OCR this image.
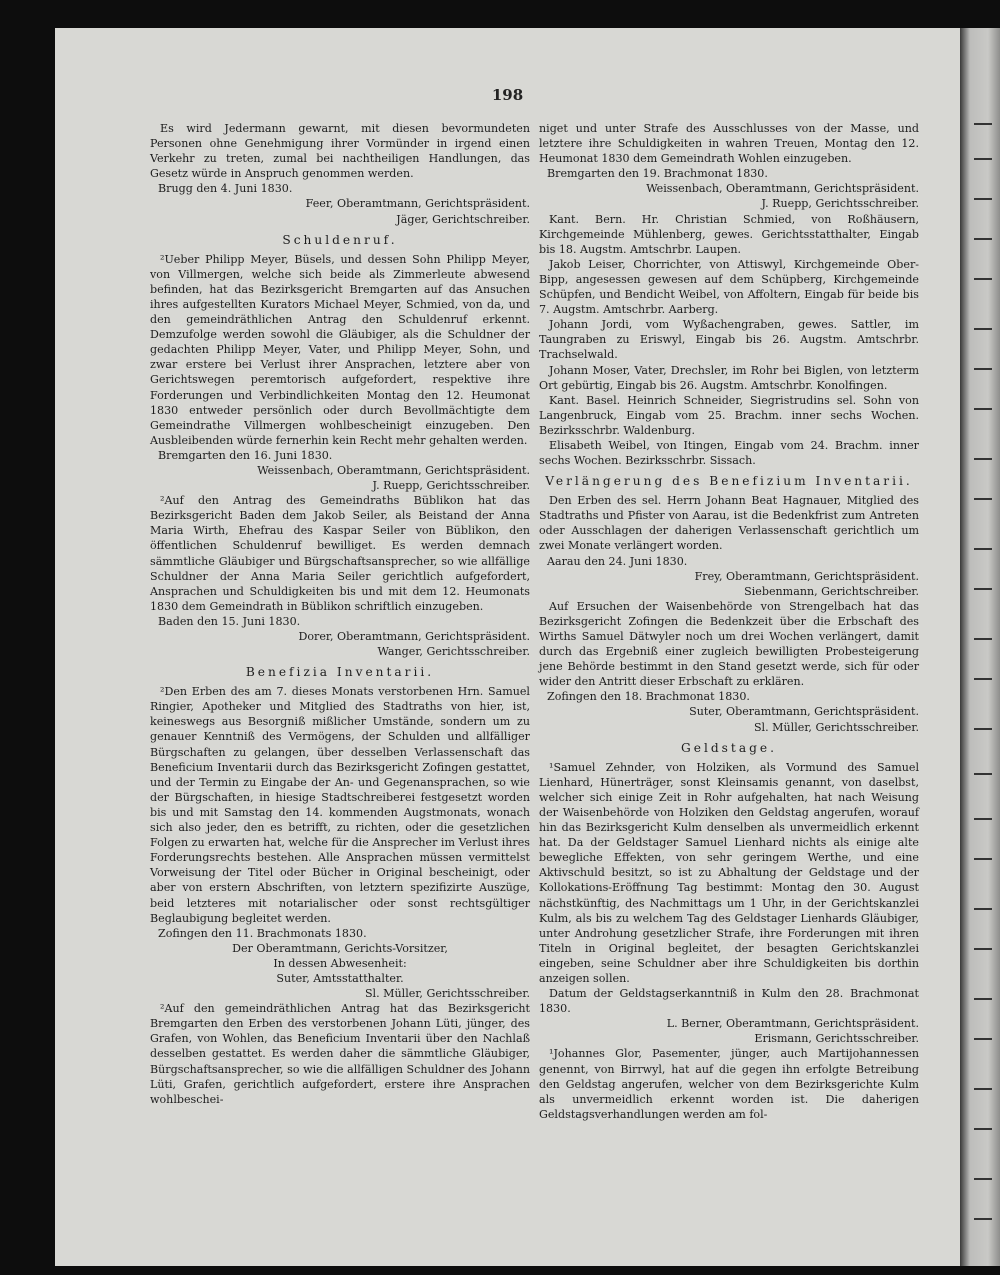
198

Es wird Jedermann gewarnt, mit diesen bevormundeten Personen ohne Genehmigung ihrer Vormünder in irgend einen Verkehr zu treten, zumal bei nachtheiligen Handlungen, das Gesetz würde in Anspruch genommen werden.

Brugg den 4. Juni 1830.

Feer, Oberamtmann, Gerichtspräsident.

Jäger, Gerichtschreiber.

Schuldenruf.

²Ueber Philipp Meyer, Büsels, und dessen Sohn Philipp Meyer, von Villmergen, welche sich beide als Zimmerleute abwesend befinden, hat das Bezirksgericht Bremgarten auf das Ansuchen ihres aufgestellten Kurators Michael Meyer, Schmied, von da, und den gemeindräthlichen Antrag den Schuldenruf erkennt. Demzufolge werden sowohl die Gläubiger, als die Schuldner der gedachten Philipp Meyer, Vater, und Philipp Meyer, Sohn, und zwar erstere bei Verlust ihrer Ansprachen, letztere aber von Gerichtswegen peremtorisch aufgefordert, respektive ihre Forderungen und Verbindlichkeiten Montag den 12. Heumonat 1830 entweder persönlich oder durch Bevollmächtigte dem Gemeindrathe Villmergen wohlbescheinigt einzugeben. Den Ausbleibenden würde fernerhin kein Recht mehr gehalten werden.

Bremgarten den 16. Juni 1830.

Weissenbach, Oberamtmann, Gerichtspräsident.

J. Ruepp, Gerichtsschreiber.

²Auf den Antrag des Gemeindraths Büblikon hat das Bezirksgericht Baden dem Jakob Seiler, als Beistand der Anna Maria Wirth, Ehefrau des Kaspar Seiler von Büblikon, den öffentlichen Schuldenruf bewilliget. Es werden demnach sämmtliche Gläubiger und Bürgschaftsansprecher, so wie allfällige Schuldner der Anna Maria Seiler gerichtlich aufgefordert, Ansprachen und Schuldigkeiten bis und mit dem 12. Heumonats 1830 dem Gemeindrath in Büblikon schriftlich einzugeben.

Baden den 15. Juni 1830.

Dorer, Oberamtmann, Gerichtspräsident.

Wanger, Gerichtsschreiber.

Benefizia Inventarii.

²Den Erben des am 7. dieses Monats verstorbenen Hrn. Samuel Ringier, Apotheker und Mitglied des Stadtraths von hier, ist, keineswegs aus Besorgniß mißlicher Umstände, sondern um zu genauer Kenntniß des Vermögens, der Schulden und allfälliger Bürgschaften zu gelangen, über desselben Verlassenschaft das Beneficium Inventarii durch das Bezirksgericht Zofingen gestattet, und der Termin zu Eingabe der An- und Gegenansprachen, so wie der Bürgschaften, in hiesige Stadtschreiberei festgesetzt worden bis und mit Samstag den 14. kommenden Augstmonats, wonach sich also jeder, den es betrifft, zu richten, oder die gesetzlichen Folgen zu erwarten hat, welche für die Ansprecher im Verlust ihres Forderungsrechts bestehen. Alle Ansprachen müssen vermittelst Vorweisung der Titel oder Bücher in Original bescheinigt, oder aber von erstern Abschriften, von letztern spezifizirte Auszüge, beid letzteres mit notarialischer oder sonst rechtsgültiger Beglaubigung begleitet werden.

Zofingen den 11. Brachmonats 1830.

Der Oberamtmann, Gerichts-Vorsitzer,

In dessen Abwesenheit:

Suter, Amtsstatthalter.

Sl. Müller, Gerichtsschreiber.

²Auf den gemeindräthlichen Antrag hat das Bezirksgericht Bremgarten den Erben des verstorbenen Johann Lüti, jünger, des Grafen, von Wohlen, das Beneficium Inventarii über den Nachlaß desselben gestattet. Es werden daher die sämmtliche Gläubiger, Bürgschaftsansprecher, so wie die allfälligen Schuldner des Johann Lüti, Grafen, gerichtlich aufgefordert, erstere ihre Ansprachen wohlbeschei-

niget und unter Strafe des Ausschlusses von der Masse, und letztere ihre Schuldigkeiten in wahren Treuen, Montag den 12. Heumonat 1830 dem Gemeindrath Wohlen einzugeben.

Bremgarten den 19. Brachmonat 1830.

Weissenbach, Oberamtmann, Gerichtspräsident.

J. Ruepp, Gerichtsschreiber.

Kant. Bern. Hr. Christian Schmied, von Roßhäusern, Kirchgemeinde Mühlenberg, gewes. Gerichtsstatthalter, Eingab bis 18. Augstm. Amtschrbr. Laupen.

Jakob Leiser, Chorrichter, von Attiswyl, Kirchgemeinde Ober-Bipp, angesessen gewesen auf dem Schüpberg, Kirchgemeinde Schüpfen, und Bendicht Weibel, von Affoltern, Eingab für beide bis 7. Augstm. Amtschrbr. Aarberg.

Johann Jordi, vom Wyßachengraben, gewes. Sattler, im Taungraben zu Eriswyl, Eingab bis 26. Augstm. Amtschrbr. Trachselwald.

Johann Moser, Vater, Drechsler, im Rohr bei Biglen, von letzterm Ort gebürtig, Eingab bis 26. Augstm. Amtschrbr. Konolfingen.

Kant. Basel. Heinrich Schneider, Siegristrudins sel. Sohn von Langenbruck, Eingab vom 25. Brachm. inner sechs Wochen. Bezirksschrbr. Waldenburg.

Elisabeth Weibel, von Itingen, Eingab vom 24. Brachm. inner sechs Wochen. Bezirksschrbr. Sissach.

Verlängerung des Benefizium Inventarii.

Den Erben des sel. Herrn Johann Beat Hagnauer, Mitglied des Stadtraths und Pfister von Aarau, ist die Bedenkfrist zum Antreten oder Ausschlagen der daherigen Verlassenschaft gerichtlich um zwei Monate verlängert worden.

Aarau den 24. Juni 1830.

Frey, Oberamtmann, Gerichtspräsident.

Siebenmann, Gerichtschreiber.

Auf Ersuchen der Waisenbehörde von Strengelbach hat das Bezirksgericht Zofingen die Bedenkzeit über die Erbschaft des Wirths Samuel Dätwyler noch um drei Wochen verlängert, damit durch das Ergebniß einer zugleich bewilligten Probesteigerung jene Behörde bestimmt in den Stand gesetzt werde, sich für oder wider den Antritt dieser Erbschaft zu erklären.

Zofingen den 18. Brachmonat 1830.

Suter, Oberamtmann, Gerichtspräsident.

Sl. Müller, Gerichtsschreiber.

Geldstage.

¹Samuel Zehnder, von Holziken, als Vormund des Samuel Lienhard, Hünerträger, sonst Kleinsamis genannt, von daselbst, welcher sich einige Zeit in Rohr aufgehalten, hat nach Weisung der Waisenbehörde von Holziken den Geldstag angerufen, worauf hin das Bezirksgericht Kulm denselben als unvermeidlich erkennt hat. Da der Geldstager Samuel Lienhard nichts als einige alte bewegliche Effekten, von sehr geringem Werthe, und eine Aktivschuld besitzt, so ist zu Abhaltung der Geldstage und der Kollokations-Eröffnung Tag bestimmt: Montag den 30. August nächstkünftig, des Nachmittags um 1 Uhr, in der Gerichtskanzlei Kulm, als bis zu welchem Tag des Geldstager Lienhards Gläubiger, unter Androhung gesetzlicher Strafe, ihre Forderungen mit ihren Titeln in Original begleitet, der besagten Gerichtskanzlei eingeben, seine Schuldner aber ihre Schuldigkeiten bis dorthin anzeigen sollen.

Datum der Geldstagserkanntniß in Kulm den 28. Brachmonat 1830.

L. Berner, Oberamtmann, Gerichtspräsident.

Erismann, Gerichtsschreiber.

¹Johannes Glor, Pasementer, jünger, auch Martijohannessen genennt, von Birrwyl, hat auf die gegen ihn erfolgte Betreibung den Geldstag angerufen, welcher von dem Bezirksgerichte Kulm als unvermeidlich erkennt worden ist. Die daherigen Geldstagsverhandlungen werden am fol-
